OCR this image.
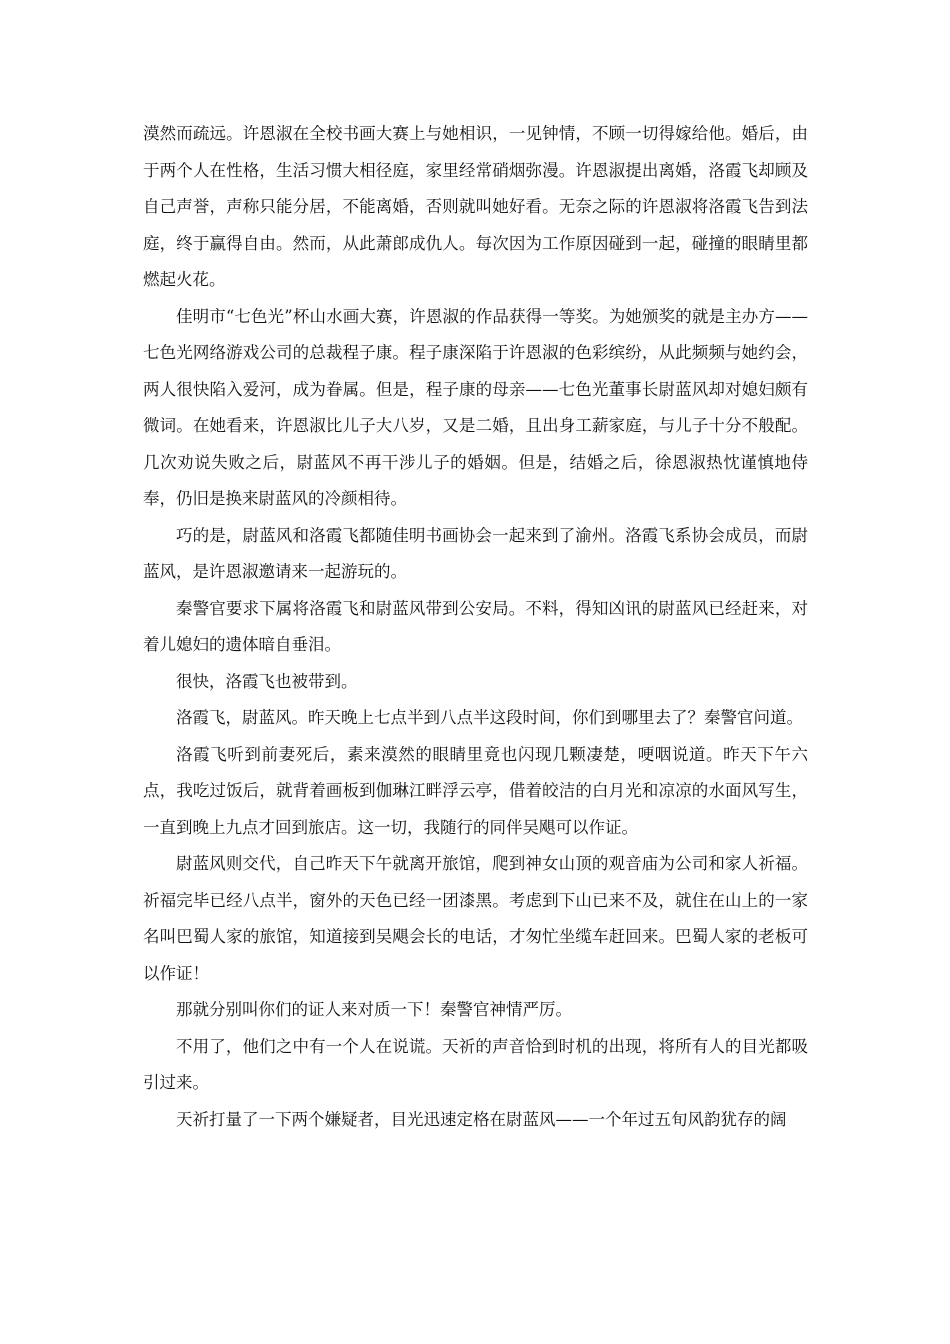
漠然而疏远。许恩淑在全校书画大赛上与她相识，一见钟情，不顾一切得嫁给他。婚后，由于两个人在性格，生活习惯大相径庭，家里经常硝烟弥漫。许恩淑提出离婚，洛霞飞却顾及自己声誉，声称只能分居，不能离婚，否则就叫她好看。无奈之际的许恩淑将洛霞飞告到法庭，终于赢得自由。然而，从此萧郎成仇人。每次因为工作原因碰到一起，碰撞的眼睛里都燃起火花。

佳明市“七色光”杯山水画大赛，许恩淑的作品获得一等奖。为她颁奖的就是主办方——七色光网络游戏公司的总裁程子康。程子康深陷于许恩淑的色彩缤纷，从此频频与她约会，两人很快陷入爱河，成为眷属。但是，程子康的母亲——七色光董事长尉蓝风却对媳妇颇有微词。在她看来，许恩淑比儿子大八岁，又是二婚，且出身工薪家庭，与儿子十分不般配。几次劝说失败之后，尉蓝风不再干涉儿子的婚姻。但是，结婚之后，徐恩淑热忱谨慎地侍奉，仍旧是换来尉蓝风的冷颜相待。

巧的是，尉蓝风和洛霞飞都随佳明书画协会一起来到了渝州。洛霞飞系协会成员，而尉蓝风，是许恩淑邀请来一起游玩的。

秦警官要求下属将洛霞飞和尉蓝风带到公安局。不料，得知凶讯的尉蓝风已经赶来，对着儿媳妇的遗体暗自垂泪。

很快，洛霞飞也被带到。

洛霞飞，尉蓝风。昨天晚上七点半到八点半这段时间，你们到哪里去了？秦警官问道。

洛霞飞听到前妻死后，素来漠然的眼睛里竟也闪现几颗凄楚，哽咽说道。昨天下午六点，我吃过饭后，就背着画板到伽琳江畔浮云亭，借着皎洁的白月光和凉凉的水面风写生，一直到晚上九点才回到旅店。这一切，我随行的同伴吴飓可以作证。

尉蓝风则交代，自己昨天下午就离开旅馆，爬到神女山顶的观音庙为公司和家人祈福。祈福完毕已经八点半，窗外的天色已经一团漆黑。考虑到下山已来不及，就住在山上的一家名叫巴蜀人家的旅馆，知道接到吴飓会长的电话，才匆忙坐缆车赶回来。巴蜀人家的老板可以作证！

那就分别叫你们的证人来对质一下！秦警官神情严厉。

不用了，他们之中有一个人在说谎。天祈的声音恰到时机的出现，将所有人的目光都吸引过来。

天祈打量了一下两个嫌疑者，目光迅速定格在尉蓝风——一个年过五旬风韵犹存的阔
